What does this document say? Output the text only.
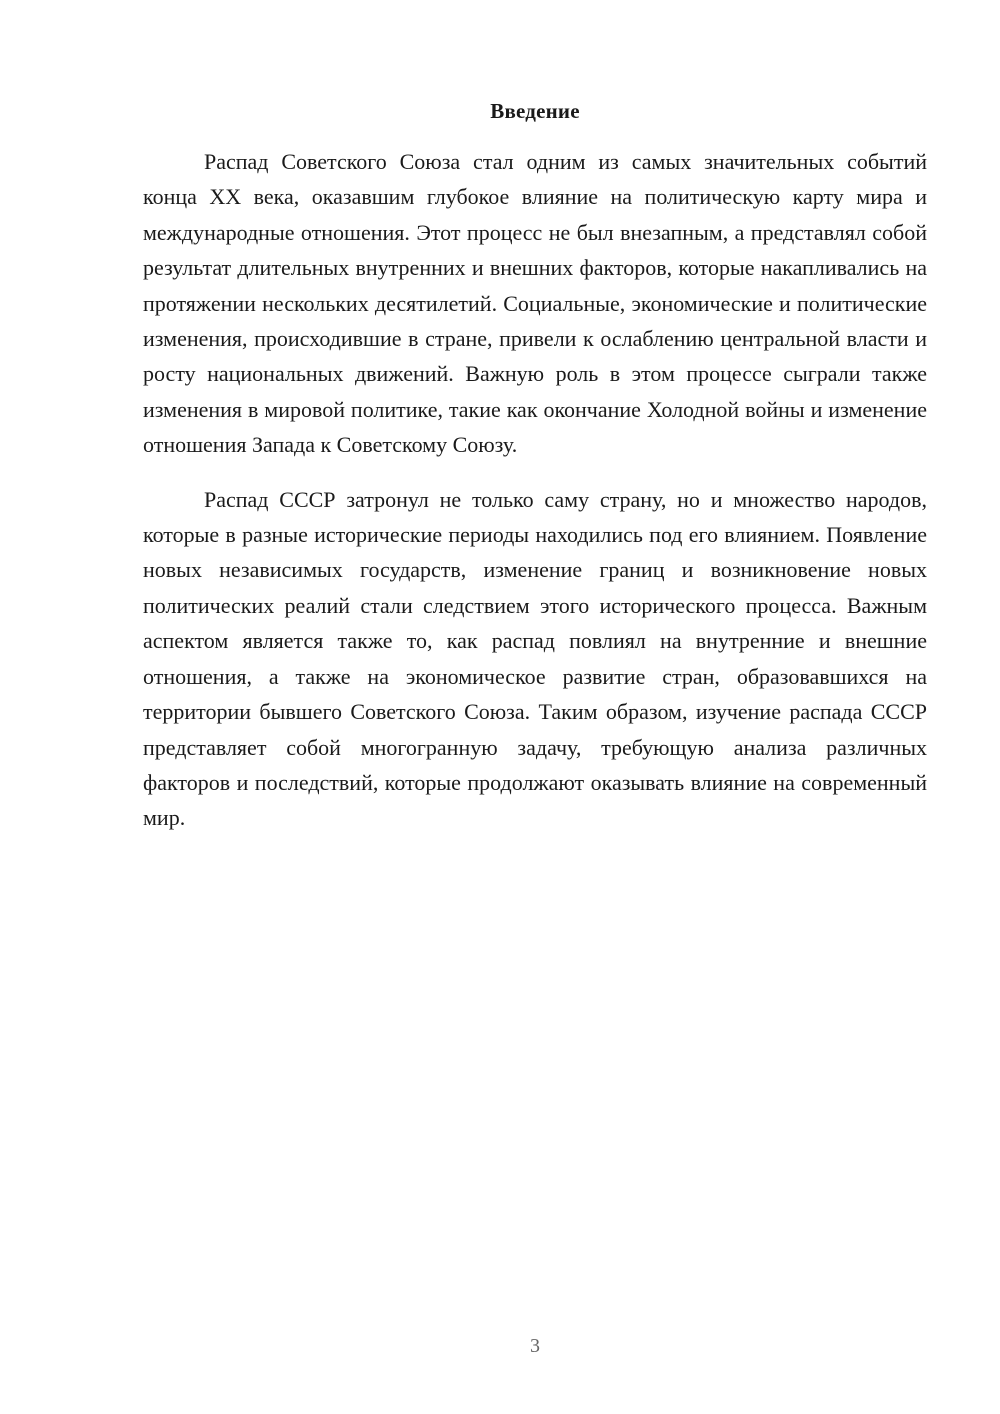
Введение

Распад Советского Союза стал одним из самых значительных событий конца XX века, оказавшим глубокое влияние на политическую карту мира и международные отношения. Этот процесс не был внезапным, а представлял собой результат длительных внутренних и внешних факторов, которые накапливались на протяжении нескольких десятилетий. Социальные, экономические и политические изменения, происходившие в стране, привели к ослаблению центральной власти и росту национальных движений. Важную роль в этом процессе сыграли также изменения в мировой политике, такие как окончание Холодной войны и изменение отношения Запада к Советскому Союзу.

Распад СССР затронул не только саму страну, но и множество народов, которые в разные исторические периоды находились под его влиянием. Появление новых независимых государств, изменение границ и возникновение новых политических реалий стали следствием этого исторического процесса. Важным аспектом является также то, как распад повлиял на внутренние и внешние отношения, а также на экономическое развитие стран, образовавшихся на территории бывшего Советского Союза. Таким образом, изучение распада СССР представляет собой многогранную задачу, требующую анализа различных факторов и последствий, которые продолжают оказывать влияние на современный мир.

3
